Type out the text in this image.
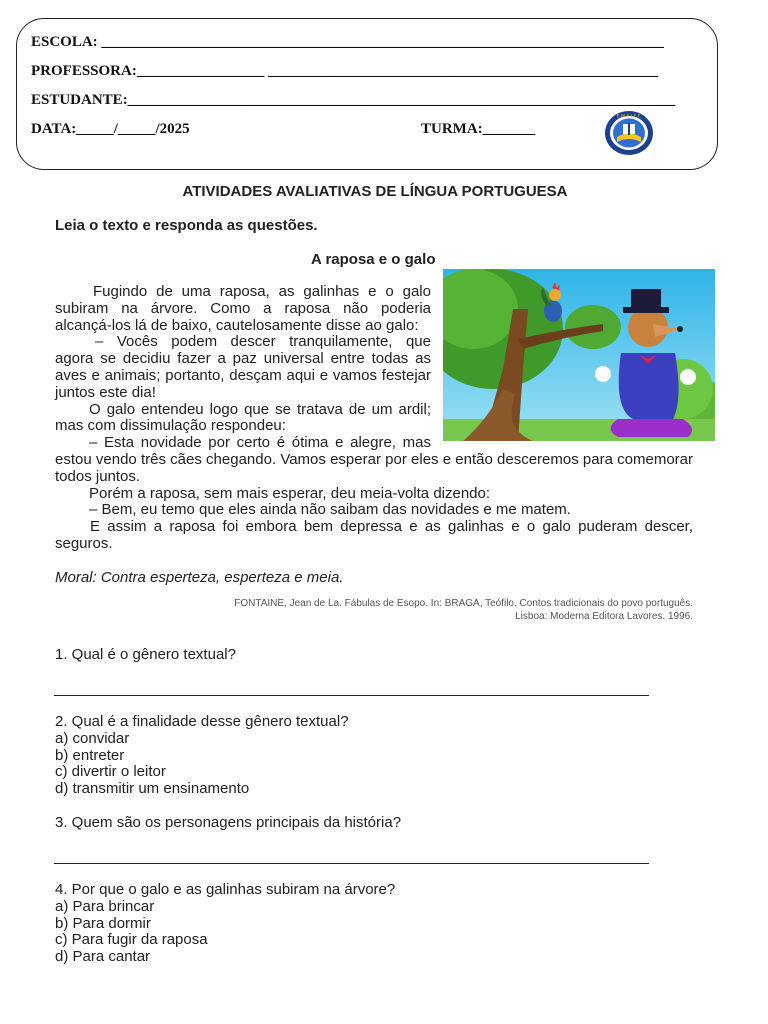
ESCOLA: ___________________________________________________________________________
PROFESSORA:_________________ ____________________________________________________
ESTUDANTE:_________________________________________________________________________
DATA:_____/_____/2025	TURMA:_______
E.M.E.I.E.F.
ATIVIDADES AVALIATIVAS DE LÍNGUA PORTUGUESA
Leia o texto e responda as questões.
A raposa e o galo
Fugindo de uma raposa, as galinhas e o galo
subiram na árvore. Como a raposa não poderia alcançá-los lá de baixo, cautelosamente disse ao galo:
– Vocês podem descer tranquilamente, que
agora se decidiu fazer a paz universal entre todas as aves e animais; portanto, desçam aqui e vamos festejar juntos este dia!
O galo entendeu logo que se tratava de um ardil;
mas com dissimulação respondeu:
– Esta novidade por certo é ótima e alegre, mas
estou vendo três cães chegando. Vamos esperar por eles e então desceremos para comemorar todos juntos.
Porém a raposa, sem mais esperar, deu meia-volta dizendo:
– Bem, eu temo que eles ainda não saibam das novidades e me matem.
E assim a raposa foi embora bem depressa e as galinhas e o galo puderam descer, seguros.
Moral: Contra esperteza, esperteza e meia.
FONTAINE, Jean de La. Fábulas de Esopo. In: BRAGA, Teófilo. Contos tradicionais do povo português. Lisboa: Moderna Editora Lavores. 1996.
1. Qual é o gênero textual?
2. Qual é a finalidade desse gênero textual?
a) convidar
b) entreter
c) divertir o leitor
d) transmitir um ensinamento
3. Quem são os personagens principais da história?
4. Por que o galo e as galinhas subiram na árvore?
a) Para brincar
b) Para dormir
c) Para fugir da raposa
d) Para cantar
